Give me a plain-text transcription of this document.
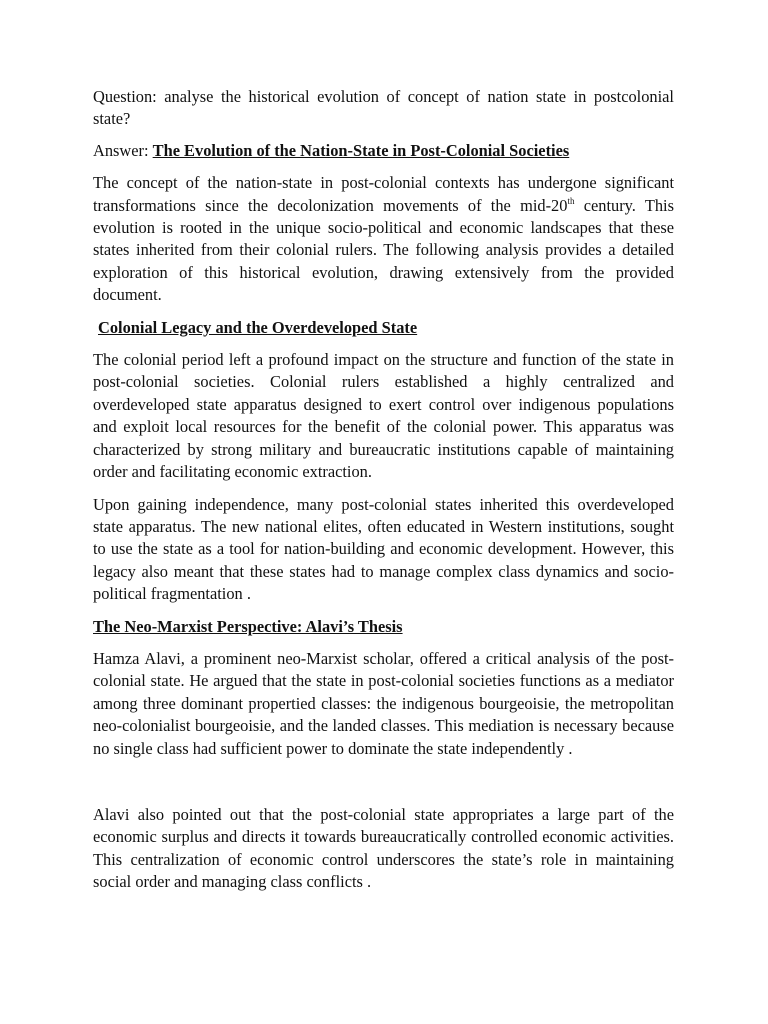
Question: analyse the historical evolution of concept of nation state in postcolonial state?

Answer: The Evolution of the Nation-State in Post-Colonial Societies

The concept of the nation-state in post-colonial contexts has undergone significant transformations since the decolonization movements of the mid-20th century. This evolution is rooted in the unique socio-political and economic landscapes that these states inherited from their colonial rulers. The following analysis provides a detailed exploration of this historical evolution, drawing extensively from the provided document.

Colonial Legacy and the Overdeveloped State

The colonial period left a profound impact on the structure and function of the state in post-colonial societies. Colonial rulers established a highly centralized and overdeveloped state apparatus designed to exert control over indigenous populations and exploit local resources for the benefit of the colonial power. This apparatus was characterized by strong military and bureaucratic institutions capable of maintaining order and facilitating economic extraction.

Upon gaining independence, many post-colonial states inherited this overdeveloped state apparatus. The new national elites, often educated in Western institutions, sought to use the state as a tool for nation-building and economic development. However, this legacy also meant that these states had to manage complex class dynamics and socio-political fragmentation .

The Neo-Marxist Perspective: Alavi’s Thesis

Hamza Alavi, a prominent neo-Marxist scholar, offered a critical analysis of the post-colonial state. He argued that the state in post-colonial societies functions as a mediator among three dominant propertied classes: the indigenous bourgeoisie, the metropolitan neo-colonialist bourgeoisie, and the landed classes. This mediation is necessary because no single class had sufficient power to dominate the state independently .

Alavi also pointed out that the post-colonial state appropriates a large part of the economic surplus and directs it towards bureaucratically controlled economic activities. This centralization of economic control underscores the state’s role in maintaining social order and managing class conflicts .
